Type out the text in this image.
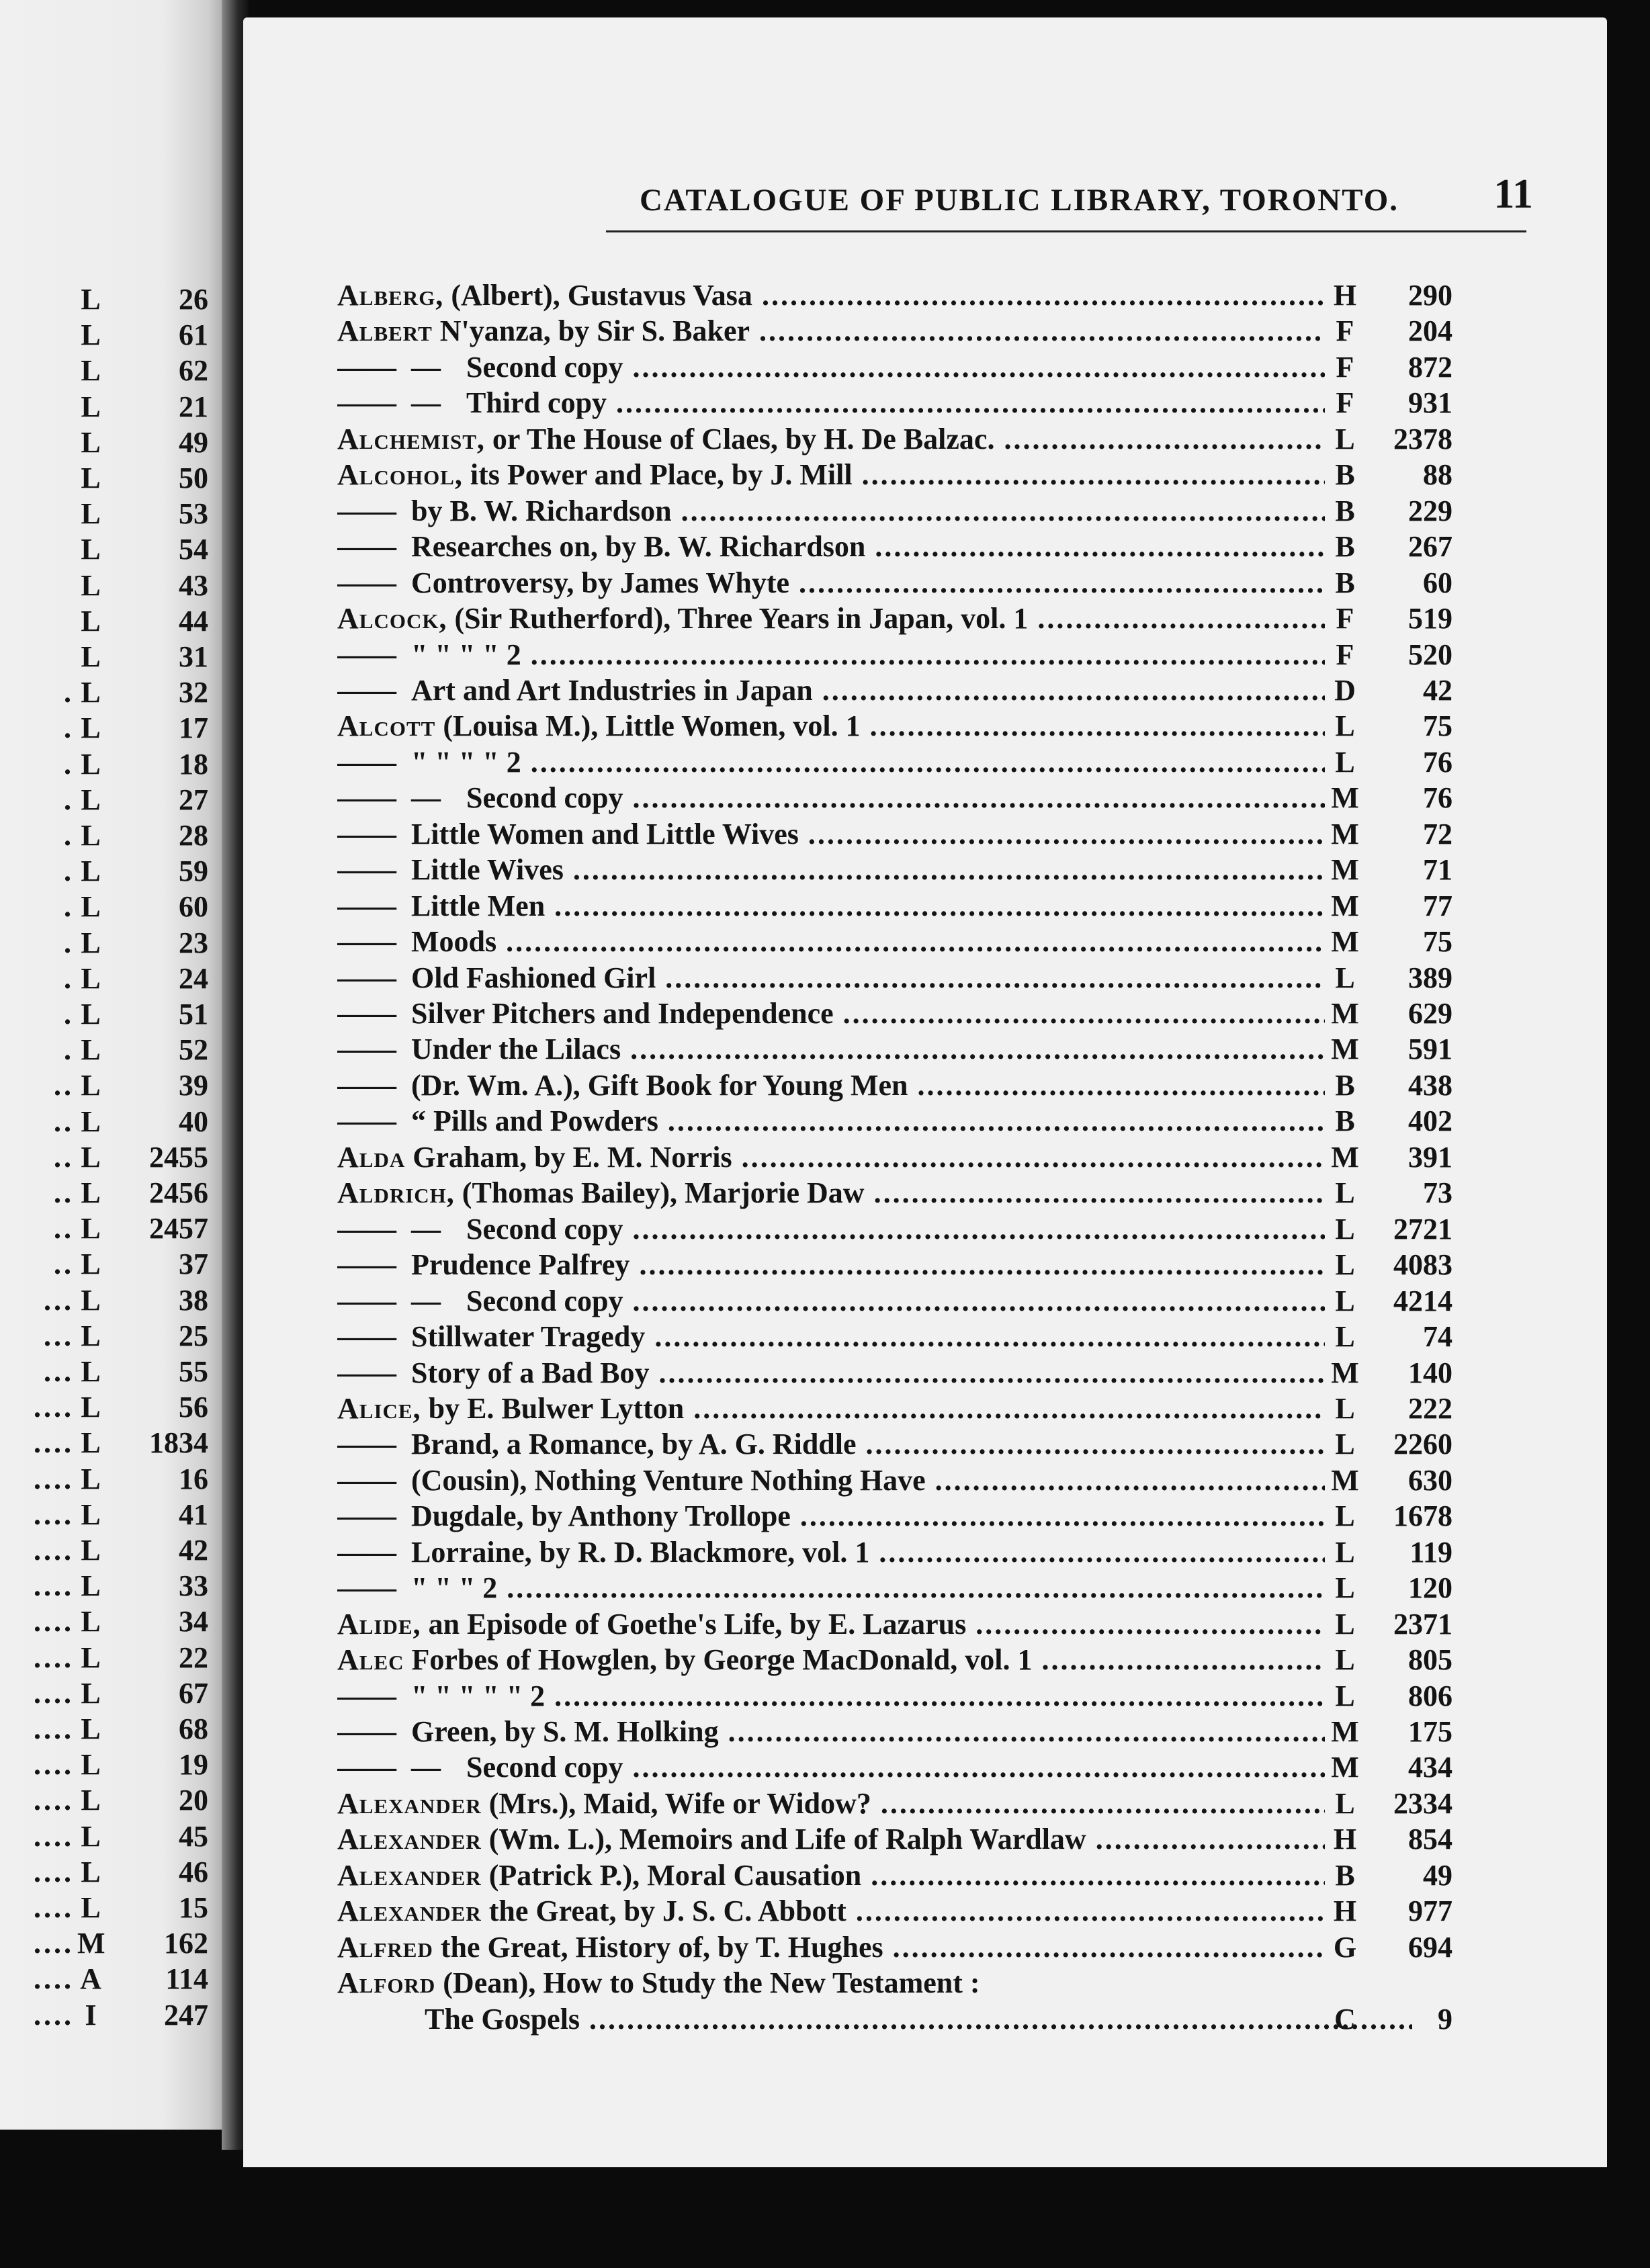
L	26
L	61
L	62
L	21
L	49
L	50
L	53
L	54
L	43
L	44
L	31
. L	32
. L	17
. L	18
. L	27
. L	28
. L	59
. L	60
. L	23
. L	24
. L	51
. L	52
.. L	39
.. L	40
.. L	2455
.. L	2456
.. L	2457
.. L	37
... L	38
... L	25
... L	55
.... L	56
.... L	1834
.... L	16
.... L	41
.... L	42
.... L	33
.... L	34
.... L	22
.... L	67
.... L	68
.... L	19
.... L	20
.... L	45
.... L	46
.... L	15
.... M	162
.... A	114
.... I	247
CATALOGUE OF PUBLIC LIBRARY, TORONTO.	11
Alberg, (Albert), Gustavus Vasa .....	H	290
Albert N'yanza, by Sir S. Baker .....	F	204
—— — Second copy .....	F	872
—— — Third copy .....	F	931
Alchemist, or The House of Claes, by H. De Balzac. .....	L	2378
Alcohol, its Power and Place, by J. Mill .....	B	88
—— by B. W. Richardson .....	B	229
—— Researches on, by B. W. Richardson .....	B	267
—— Controversy, by James Whyte .....	B	60
Alcock, (Sir Rutherford), Three Years in Japan, vol. 1 .....	F	519
—— " " " " 2 .....	F	520
—— Art and Art Industries in Japan .....	D	42
Alcott (Louisa M.), Little Women, vol. 1 .....	L	75
—— " " " " 2 .....	L	76
—— — Second copy .....	M	76
—— Little Women and Little Wives .....	M	72
—— Little Wives .....	M	71
—— Little Men .....	M	77
—— Moods .....	M	75
—— Old Fashioned Girl .....	L	389
—— Silver Pitchers and Independence .....	M	629
—— Under the Lilacs .....	M	591
—— (Dr. Wm. A.), Gift Book for Young Men .....	B	438
—— “ Pills and Powders .....	B	402
Alda Graham, by E. M. Norris .....	M	391
Aldrich, (Thomas Bailey), Marjorie Daw .....	L	73
—— — Second copy .....	L	2721
—— Prudence Palfrey .....	L	4083
—— — Second copy .....	L	4214
—— Stillwater Tragedy .....	L	74
—— Story of a Bad Boy .....	M	140
Alice, by E. Bulwer Lytton .....	L	222
—— Brand, a Romance, by A. G. Riddle .....	L	2260
—— (Cousin), Nothing Venture Nothing Have .....	M	630
—— Dugdale, by Anthony Trollope .....	L	1678
—— Lorraine, by R. D. Blackmore, vol. 1 .....	L	119
—— " " " 2 .....	L	120
Alide, an Episode of Goethe's Life, by E. Lazarus .....	L	2371
Alec Forbes of Howglen, by George MacDonald, vol. 1 .....	L	805
—— " " " " " 2 .....	L	806
—— Green, by S. M. Holking .....	M	175
—— — Second copy .....	M	434
Alexander (Mrs.), Maid, Wife or Widow? .....	L	2334
Alexander (Wm. L.), Memoirs and Life of Ralph Wardlaw .....	H	854
Alexander (Patrick P.), Moral Causation .....	B	49
Alexander the Great, by J. S. C. Abbott .....	H	977
Alfred the Great, History of, by T. Hughes .....	G	694
Alford (Dean), How to Study the New Testament :
The Gospels .....	C	9
